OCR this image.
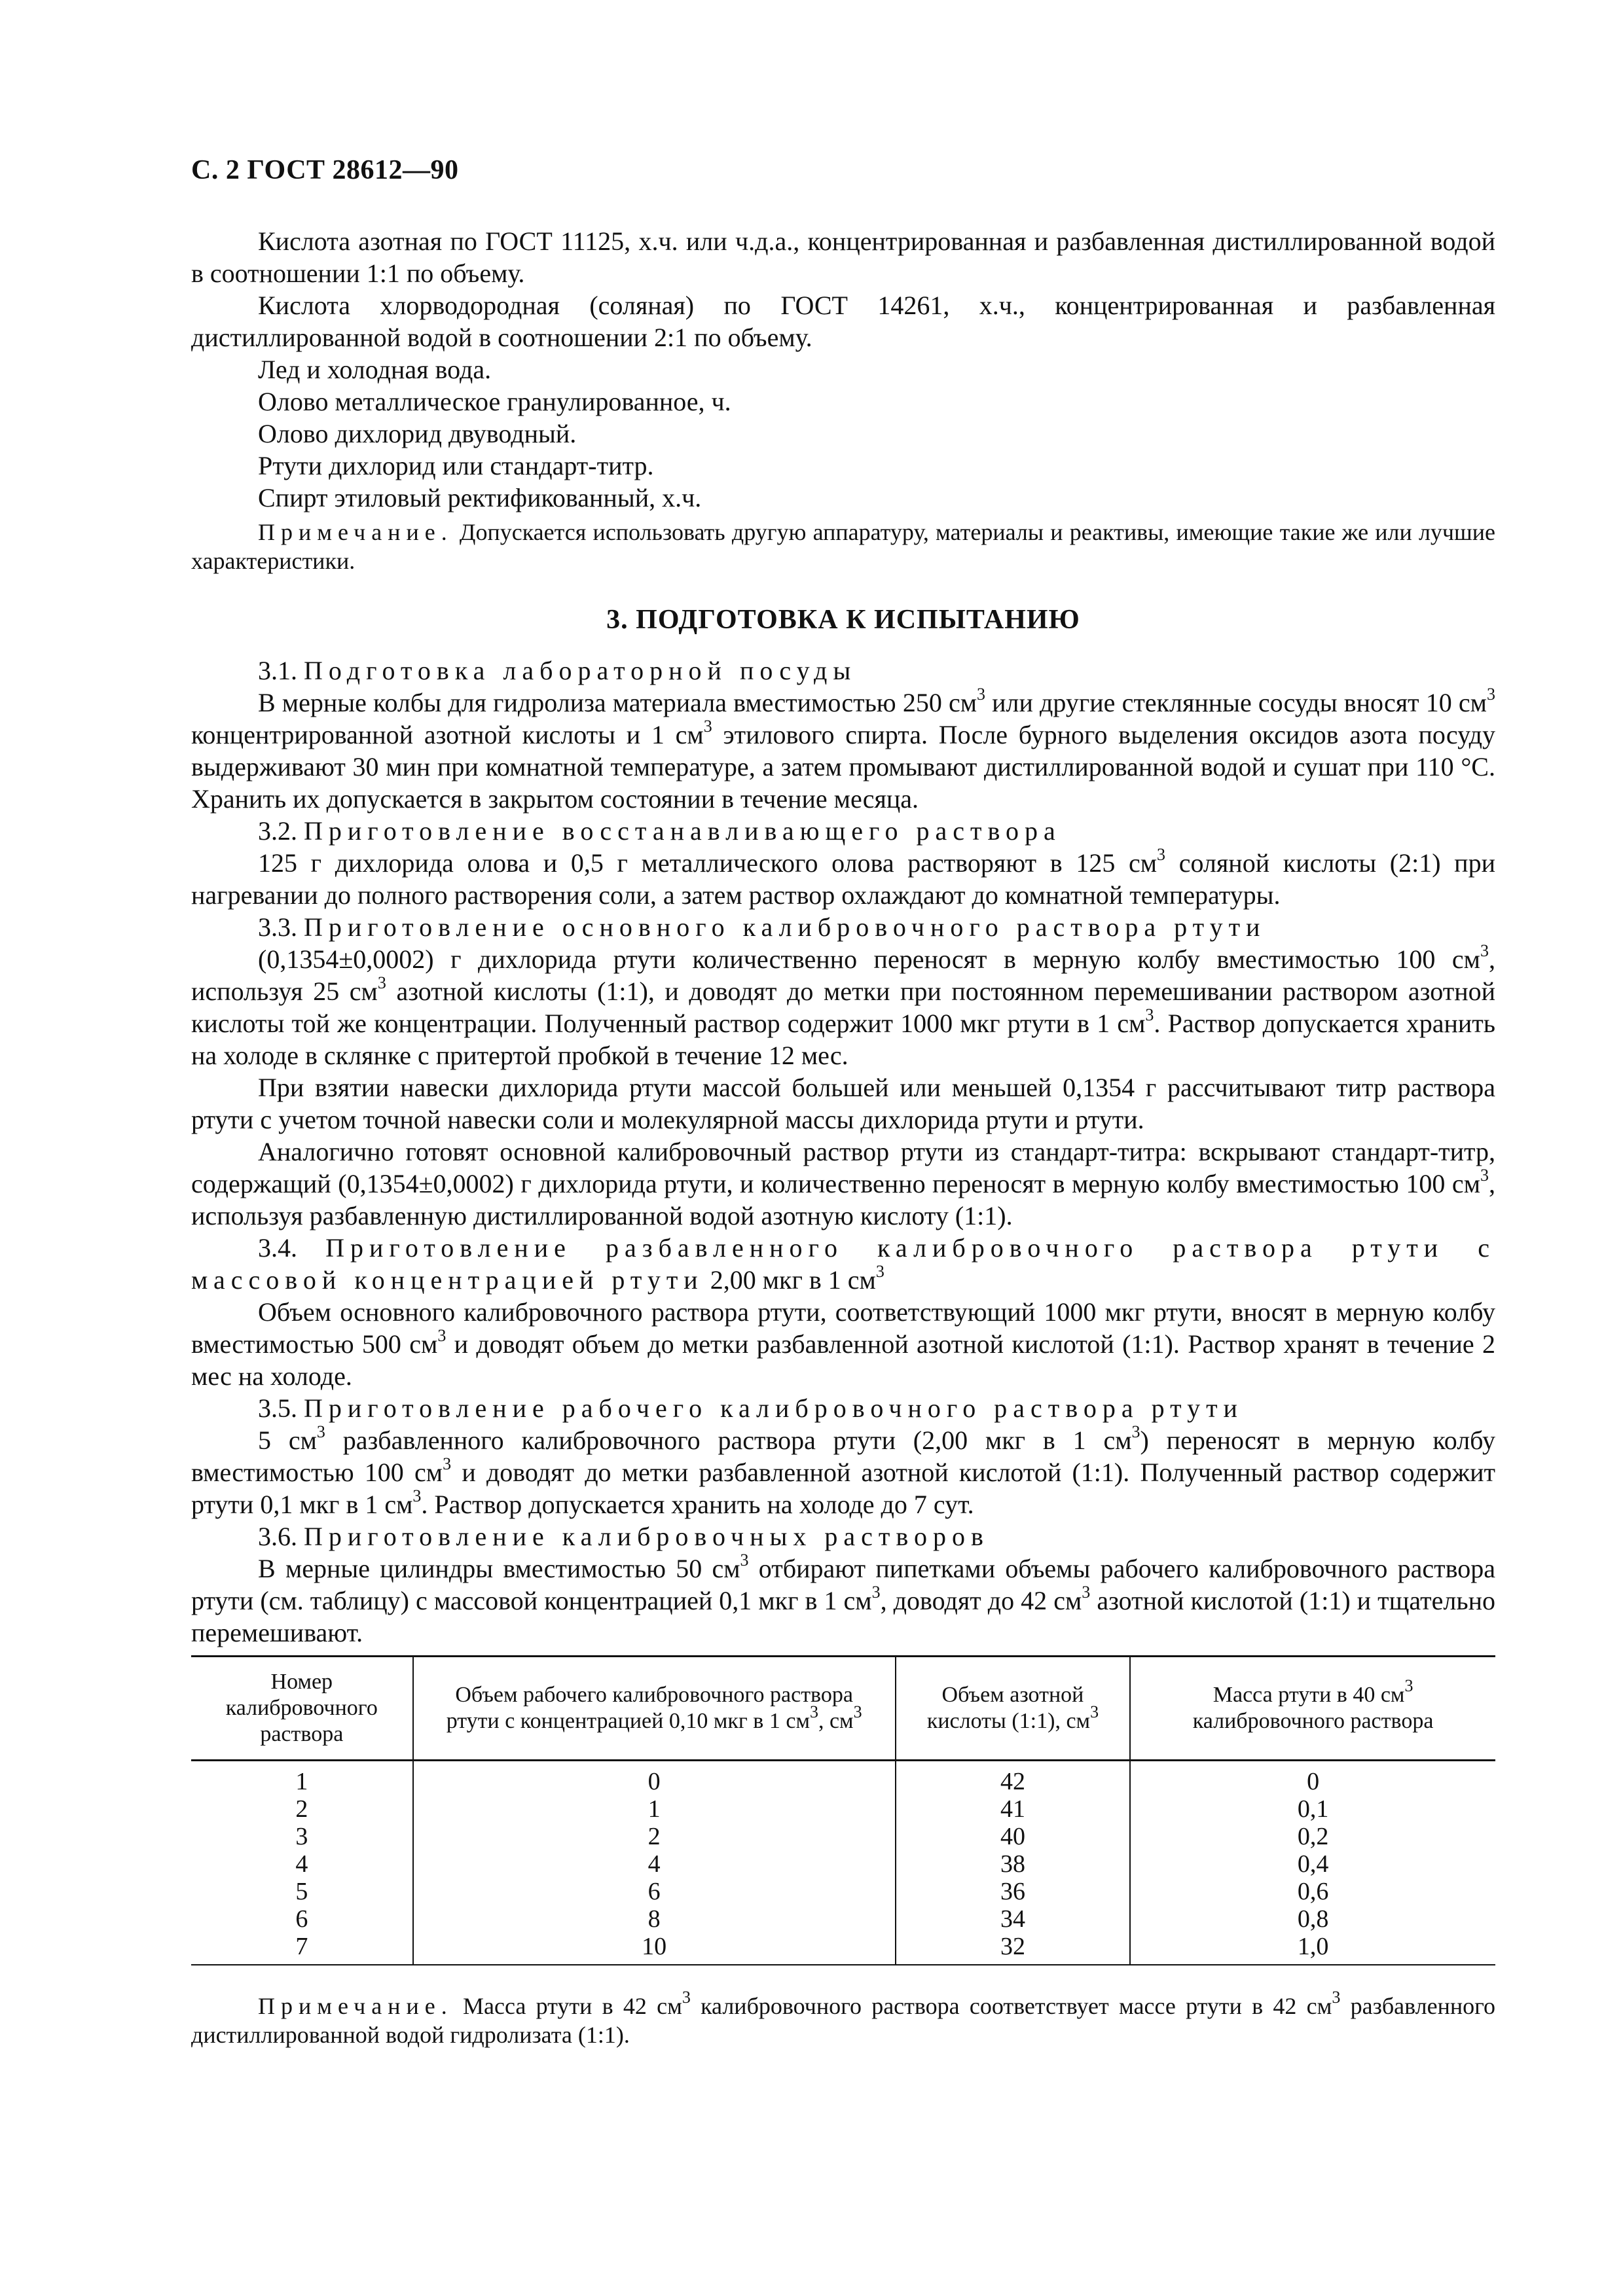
С. 2 ГОСТ 28612—90

Кислота азотная по ГОСТ 11125, х.ч. или ч.д.а., концентрированная и разбавленная дистиллированной водой в соотношении 1:1 по объему.

Кислота хлорводородная (соляная) по ГОСТ 14261, х.ч., концентрированная и разбавленная дистиллированной водой в соотношении 2:1 по объему.

Лед и холодная вода.

Олово металлическое гранулированное, ч.

Олово дихлорид двуводный.

Ртути дихлорид или стандарт-титр.

Спирт этиловый ректификованный, х.ч.

Примечание. Допускается использовать другую аппаратуру, материалы и реактивы, имеющие такие же или лучшие характеристики.

3. ПОДГОТОВКА К ИСПЫТАНИЮ

3.1. Подготовка лабораторной посуды

В мерные колбы для гидролиза материала вместимостью 250 $см^3$ или другие стеклянные сосуды вносят 10 $см^3$ концентрированной азотной кислоты и 1 $см^3$ этилового спирта. После бурного выделения оксидов азота посуду выдерживают 30 мин при комнатной температуре, а затем промывают дистиллированной водой и сушат при 110 °С. Хранить их допускается в закрытом состоянии в течение месяца.

3.2. Приготовление восстанавливающего раствора

125 г дихлорида олова и 0,5 г металлического олова растворяют в 125 $см^3$ соляной кислоты (2:1) при нагревании до полного растворения соли, а затем раствор охлаждают до комнатной температуры.

3.3. Приготовление основного калибровочного раствора ртути

(0,1354±0,0002) г дихлорида ртути количественно переносят в мерную колбу вместимостью 100 $см^3$, используя 25 $см^3$ азотной кислоты (1:1), и доводят до метки при постоянном перемешивании раствором азотной кислоты той же концентрации. Полученный раствор содержит 1000 мкг ртути в 1 $см^3$. Раствор допускается хранить на холоде в склянке с притертой пробкой в течение 12 мес.

При взятии навески дихлорида ртути массой большей или меньшей 0,1354 г рассчитывают титр раствора ртути с учетом точной навески соли и молекулярной массы дихлорида ртути и ртути.

Аналогично готовят основной калибровочный раствор ртути из стандарт-титра: вскрывают стандарт-титр, содержащий (0,1354±0,0002) г дихлорида ртути, и количественно переносят в мерную колбу вместимостью 100 $см^3$, используя разбавленную дистиллированной водой азотную кислоту (1:1).

3.4. Приготовление разбавленного калибровочного раствора ртути с массовой концентрацией ртути 2,00 мкг в 1 $см^3$

Объем основного калибровочного раствора ртути, соответствующий 1000 мкг ртути, вносят в мерную колбу вместимостью 500 $см^3$ и доводят объем до метки разбавленной азотной кислотой (1:1). Раствор хранят в течение 2 мес на холоде.

3.5. Приготовление рабочего калибровочного раствора ртути

5 $см^3$ разбавленного калибровочного раствора ртути (2,00 мкг в 1 $см^3$) переносят в мерную колбу вместимостью 100 $см^3$ и доводят до метки разбавленной азотной кислотой (1:1). Полученный раствор содержит ртути 0,1 мкг в 1 $см^3$. Раствор допускается хранить на холоде до 7 сут.

3.6. Приготовление калибровочных растворов

В мерные цилиндры вместимостью 50 $см^3$ отбирают пипетками объемы рабочего калибровочного раствора ртути (см. таблицу) с массовой концентрацией 0,1 мкг в 1 $см^3$, доводят до 42 $см^3$ азотной кислотой (1:1) и тщательно перемешивают.

Номер калибровочного раствора	Объем рабочего калибровочного раствора ртути с концентрацией 0,10 мкг в 1 $см^3$, $см^3$	Объем азотной кислоты (1:1), $см^3$	Масса ртути в 40 $см^3$ калибровочного раствора
1	0	42	0
2	1	41	0,1
3	2	40	0,2
4	4	38	0,4
5	6	36	0,6
6	8	34	0,8
7	10	32	1,0

Примечание. Масса ртути в 42 $см^3$ калибровочного раствора соответствует массе ртути в 42 $см^3$ разбавленного дистиллированной водой гидролизата (1:1).
